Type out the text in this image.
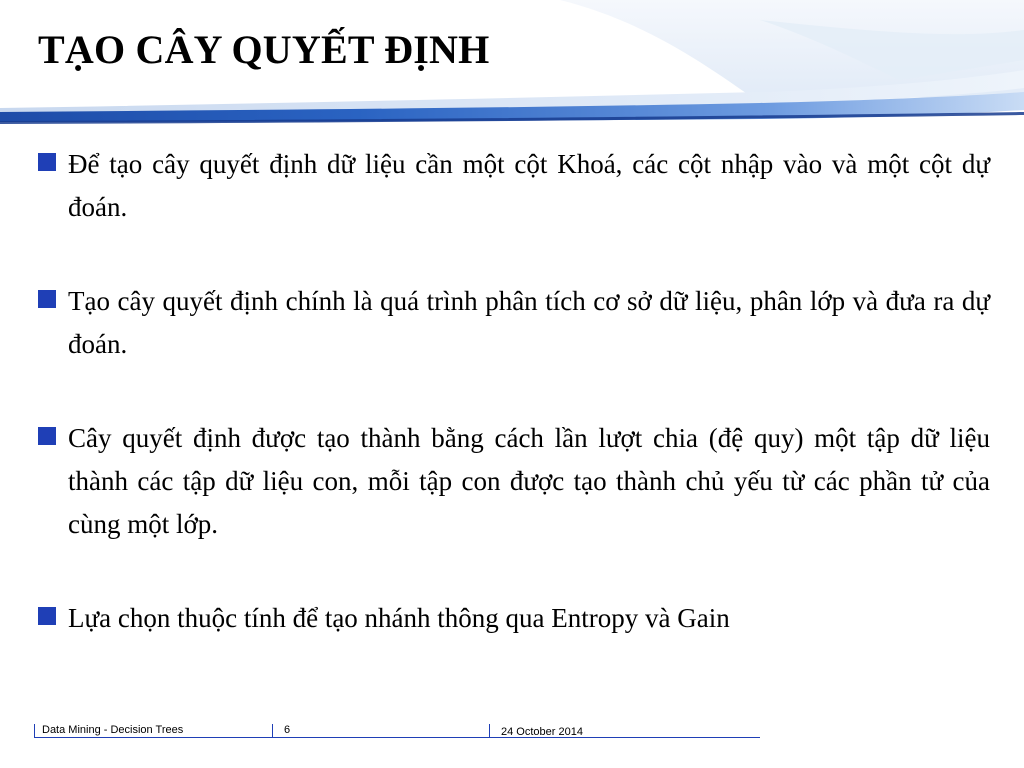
TẠO CÂY QUYẾT ĐỊNH
Để tạo cây quyết định dữ liệu cần một cột Khoá, các cột nhập vào và một cột dự đoán.
Tạo cây quyết định chính là quá trình phân tích cơ sở dữ liệu, phân lớp và đưa ra dự đoán.
Cây quyết định được tạo thành bằng cách lần lượt chia (đệ quy) một tập dữ liệu thành các tập dữ liệu con, mỗi tập con được tạo thành chủ yếu từ các phần tử của cùng một lớp.
Lựa chọn thuộc tính để tạo nhánh thông qua Entropy và Gain
Data Mining - Decision Trees	6	24 October 2014
